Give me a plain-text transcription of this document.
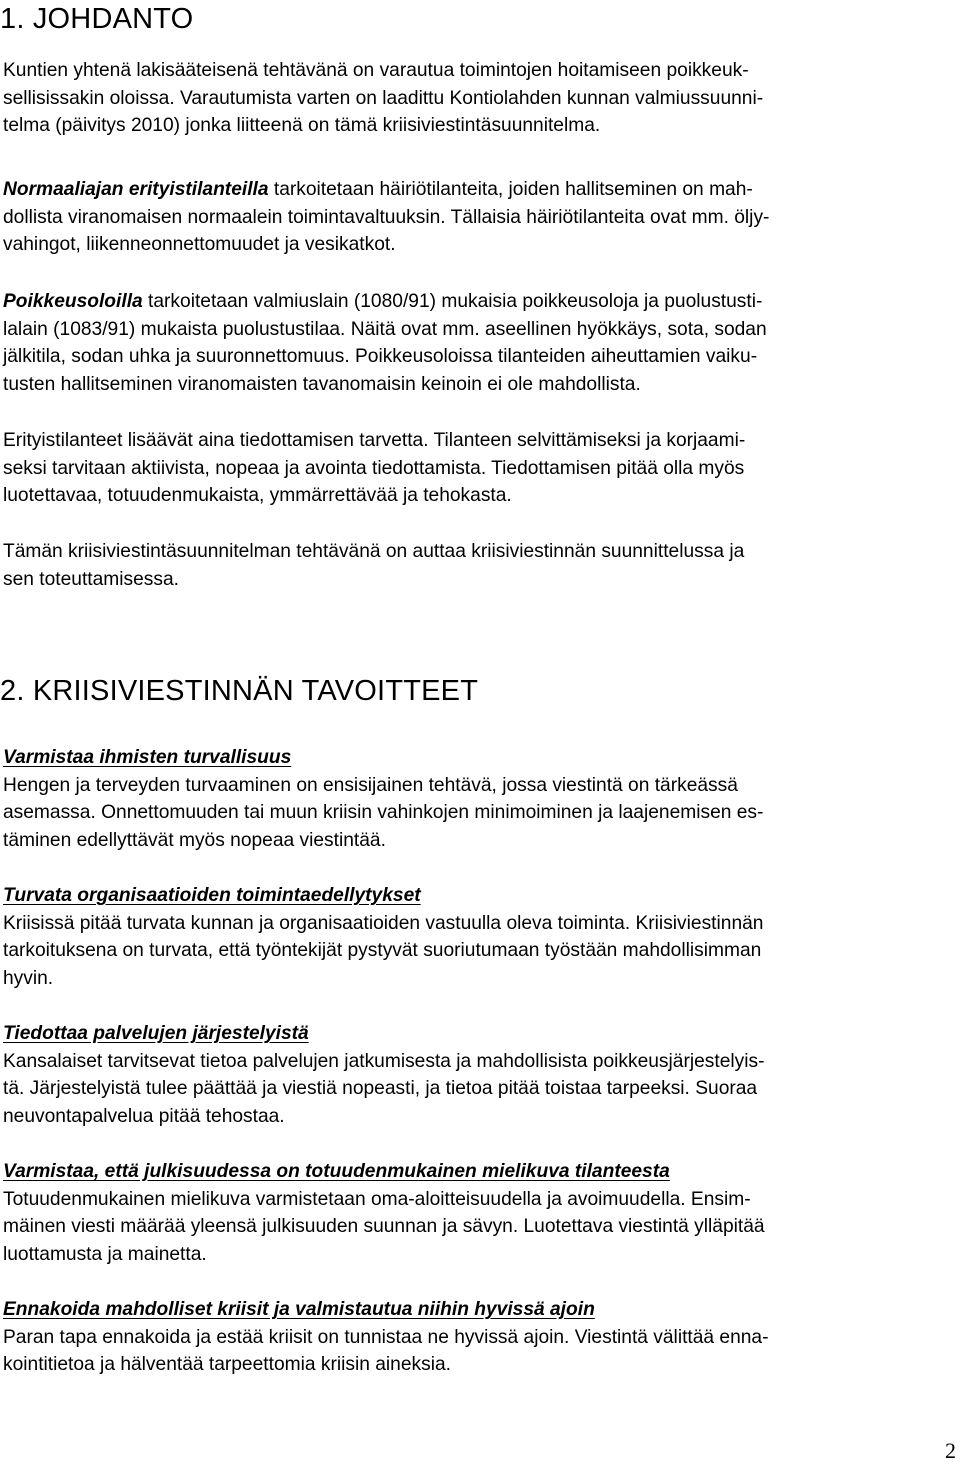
1. JOHDANTO

Kuntien yhtenä lakisääteisenä tehtävänä on varautua toimintojen hoitamiseen poikkeuk-
sellisissakin oloissa. Varautumista varten on laadittu Kontiolahden kunnan valmiussuunni-
telma (päivitys 2010) jonka liitteenä on tämä kriisiviestintäsuunnitelma.

Normaaliajan erityistilanteilla tarkoitetaan häiriötilanteita, joiden hallitseminen on mah-
dollista viranomaisen normaalein toimintavaltuuksin. Tällaisia häiriötilanteita ovat mm. öljy-
vahingot, liikenneonnettomuudet ja vesikatkot.

Poikkeusoloilla tarkoitetaan valmiuslain (1080/91) mukaisia poikkeusoloja ja puolustusti-
lalain (1083/91) mukaista puolustustilaa. Näitä ovat mm. aseellinen hyökkäys, sota, sodan
jälkitila, sodan uhka ja suuronnettomuus. Poikkeusoloissa tilanteiden aiheuttamien vaiku-
tusten hallitseminen viranomaisten tavanomaisin keinoin ei ole mahdollista.

Erityistilanteet lisäävät aina tiedottamisen tarvetta. Tilanteen selvittämiseksi ja korjaami-
seksi tarvitaan aktiivista, nopeaa ja avointa tiedottamista. Tiedottamisen pitää olla myös
luotettavaa, totuudenmukaista, ymmärrettävää ja tehokasta.

Tämän kriisiviestintäsuunnitelman tehtävänä on auttaa kriisiviestinnän suunnittelussa ja
sen toteuttamisessa.

2. KRIISIVIESTINNÄN TAVOITTEET
Varmistaa ihmisten turvallisuus
Hengen ja terveyden turvaaminen on ensisijainen tehtävä, jossa viestintä on tärkeässä
asemassa. Onnettomuuden tai muun kriisin vahinkojen minimoiminen ja laajenemisen es-
täminen edellyttävät myös nopeaa viestintää.
Turvata organisaatioiden toimintaedellytykset
Kriisissä pitää turvata kunnan ja organisaatioiden vastuulla oleva toiminta. Kriisiviestinnän
tarkoituksena on turvata, että työntekijät pystyvät suoriutumaan työstään mahdollisimman
hyvin.
Tiedottaa palvelujen järjestelyistä
Kansalaiset tarvitsevat tietoa palvelujen jatkumisesta ja mahdollisista poikkeusjärjestelyis-
tä. Järjestelyistä tulee päättää ja viestiä nopeasti, ja tietoa pitää toistaa tarpeeksi. Suoraa
neuvontapalvelua pitää tehostaa.
Varmistaa, että julkisuudessa on totuudenmukainen mielikuva tilanteesta
Totuudenmukainen mielikuva varmistetaan oma-aloitteisuudella ja avoimuudella. Ensim-
mäinen viesti määrää yleensä julkisuuden suunnan ja sävyn. Luotettava viestintä ylläpitää
luottamusta ja mainetta.
Ennakoida mahdolliset kriisit ja valmistautua niihin hyvissä ajoin
Paran tapa ennakoida ja estää kriisit on tunnistaa ne hyvissä ajoin. Viestintä välittää enna-
kointitietoa ja hälventää tarpeettomia kriisin aineksia.
2
